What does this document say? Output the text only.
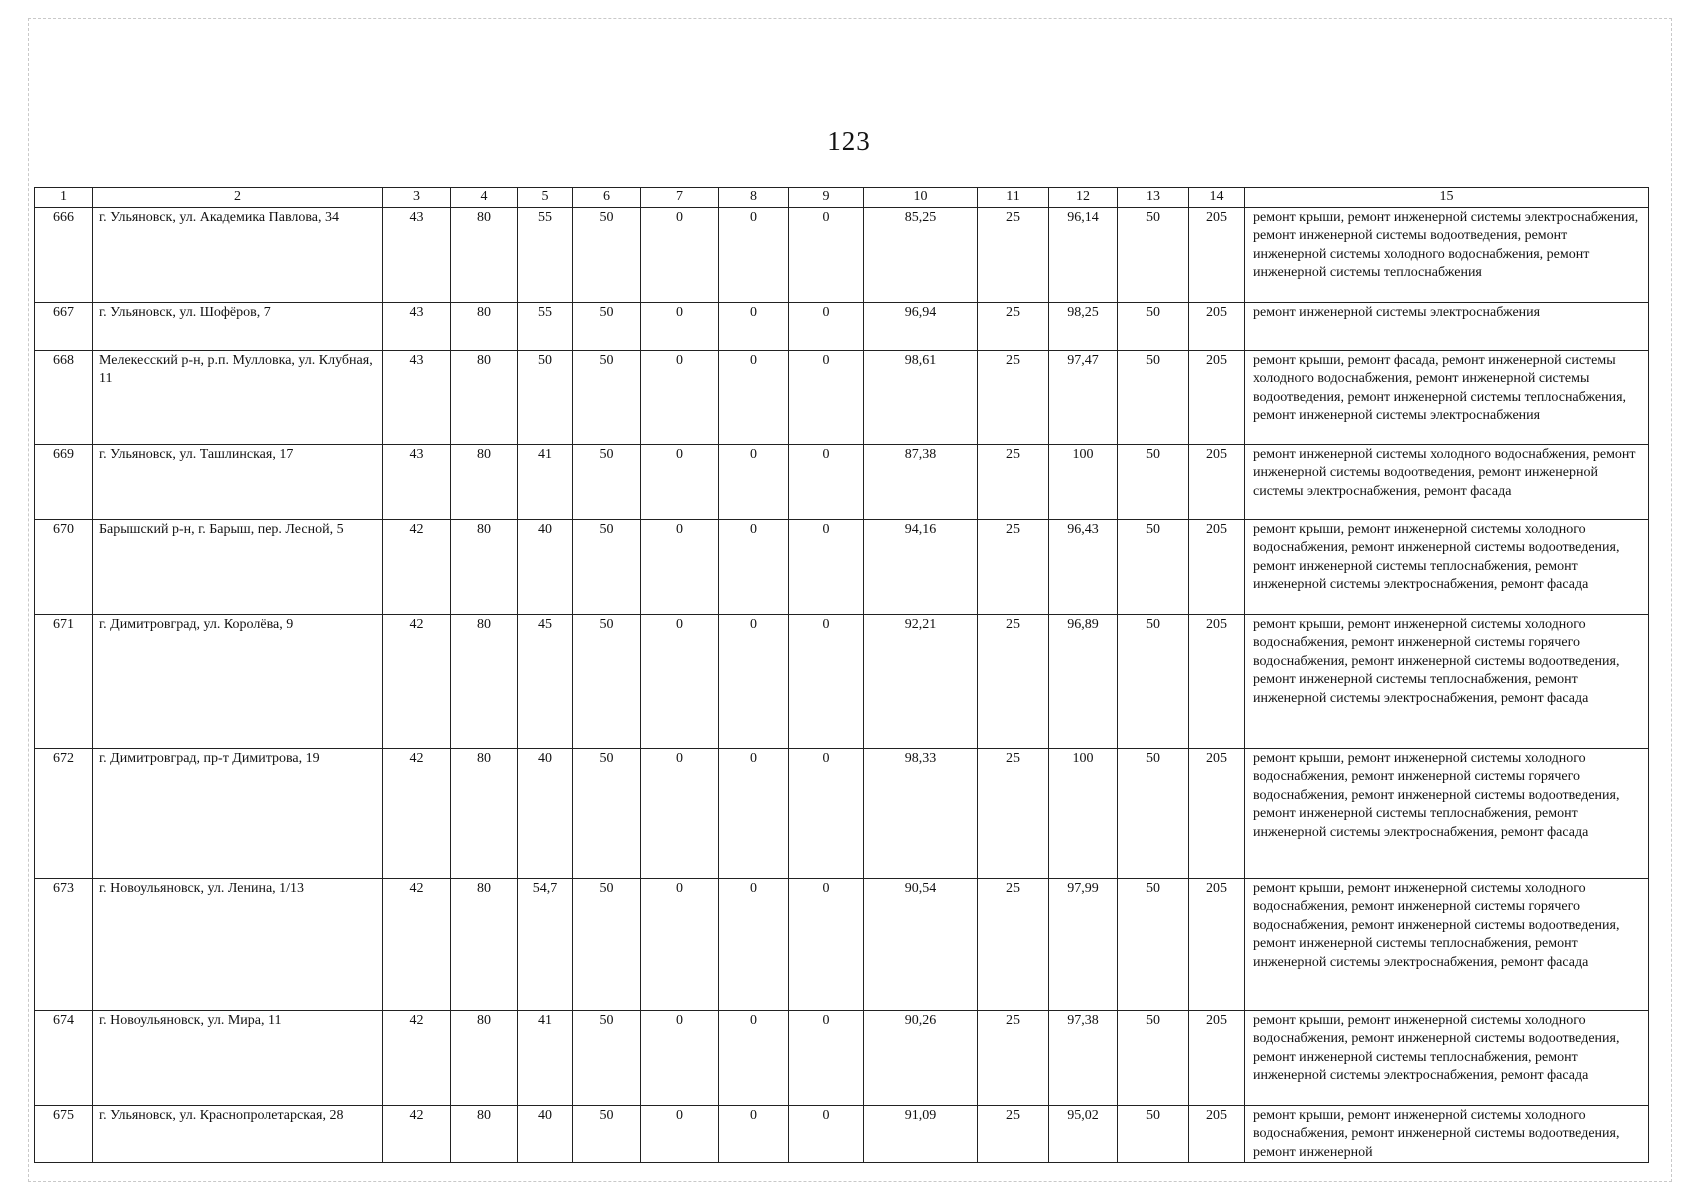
123
1	2	3	4	5	6	7	8	9	10	11	12	13	14	15
666	г. Ульяновск, ул. Академика Павлова, 34	43	80	55	50	0	0	0	85,25	25	96,14	50	205	ремонт крыши, ремонт инженерной системы электроснабжения, ремонт инженерной системы водоотведения, ремонт инженерной системы холодного водоснабжения, ремонт инженерной системы теплоснабжения
667	г. Ульяновск, ул. Шофёров, 7	43	80	55	50	0	0	0	96,94	25	98,25	50	205	ремонт инженерной системы электроснабжения
668	Мелекесский р-н, р.п. Мулловка, ул. Клубная, 11	43	80	50	50	0	0	0	98,61	25	97,47	50	205	ремонт крыши, ремонт фасада, ремонт инженерной системы холодного водоснабжения, ремонт инженерной системы водоотведения, ремонт инженерной системы теплоснабжения, ремонт инженерной системы электроснабжения
669	г. Ульяновск, ул. Ташлинская, 17	43	80	41	50	0	0	0	87,38	25	100	50	205	ремонт инженерной системы холодного водоснабжения, ремонт инженерной системы водоотведения, ремонт инженерной системы электроснабжения, ремонт фасада
670	Барышский р-н, г. Барыш, пер. Лесной, 5	42	80	40	50	0	0	0	94,16	25	96,43	50	205	ремонт крыши, ремонт инженерной системы холодного водоснабжения, ремонт инженерной системы водоотведения, ремонт инженерной системы теплоснабжения, ремонт инженерной системы электроснабжения, ремонт фасада
671	г. Димитровград, ул. Королёва, 9	42	80	45	50	0	0	0	92,21	25	96,89	50	205	ремонт крыши, ремонт инженерной системы холодного водоснабжения, ремонт инженерной системы горячего водоснабжения, ремонт инженерной системы водоотведения, ремонт инженерной системы теплоснабжения, ремонт инженерной системы электроснабжения, ремонт фасада
672	г. Димитровград, пр-т Димитрова, 19	42	80	40	50	0	0	0	98,33	25	100	50	205	ремонт крыши, ремонт инженерной системы холодного водоснабжения, ремонт инженерной системы горячего водоснабжения, ремонт инженерной системы водоотведения, ремонт инженерной системы теплоснабжения, ремонт инженерной системы электроснабжения, ремонт фасада
673	г. Новоульяновск, ул. Ленина, 1/13	42	80	54,7	50	0	0	0	90,54	25	97,99	50	205	ремонт крыши, ремонт инженерной системы холодного водоснабжения, ремонт инженерной системы горячего водоснабжения, ремонт инженерной системы водоотведения, ремонт инженерной системы теплоснабжения, ремонт инженерной системы электроснабжения, ремонт фасада
674	г. Новоульяновск, ул. Мира, 11	42	80	41	50	0	0	0	90,26	25	97,38	50	205	ремонт крыши, ремонт инженерной системы холодного водоснабжения, ремонт инженерной системы водоотведения, ремонт инженерной системы теплоснабжения, ремонт инженерной системы электроснабжения, ремонт фасада
675	г. Ульяновск, ул. Краснопролетарская, 28	42	80	40	50	0	0	0	91,09	25	95,02	50	205	ремонт крыши, ремонт инженерной системы холодного водоснабжения, ремонт инженерной системы водоотведения, ремонт инженерной
